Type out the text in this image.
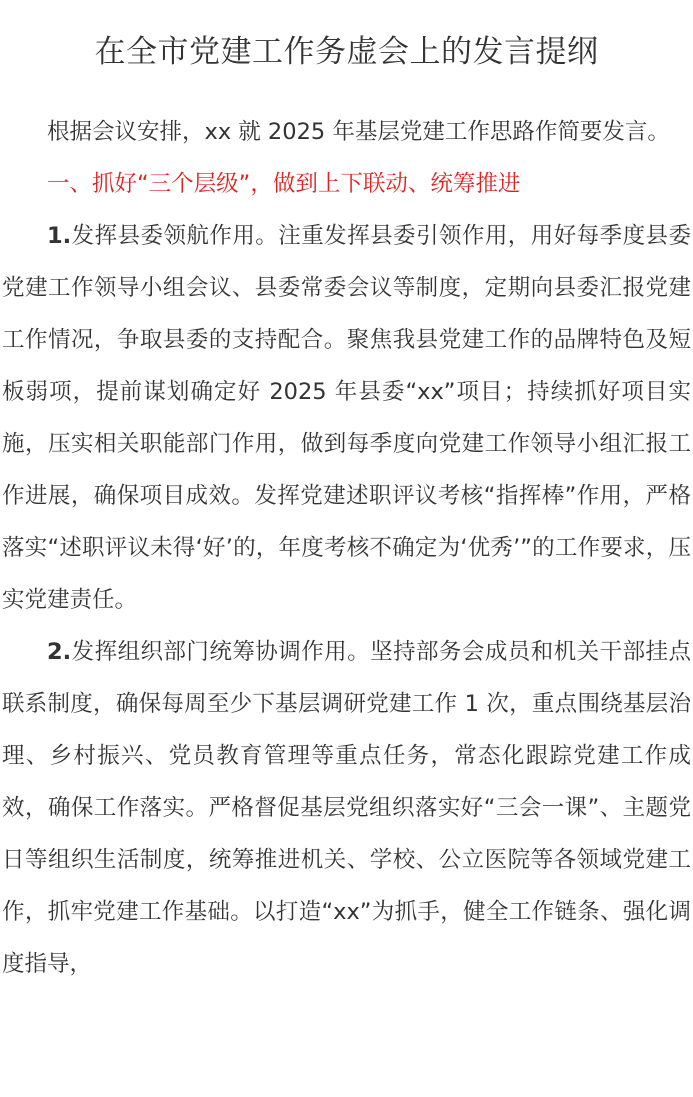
在全市党建工作务虚会上的发言提纲

根据会议安排，xx 就 2025 年基层党建工作思路作简要发言。

一、抓好“三个层级”，做到上下联动、统筹推进

1.发挥县委领航作用。注重发挥县委引领作用，用好每季度县委党建工作领导小组会议、县委常委会议等制度，定期向县委汇报党建工作情况，争取县委的支持配合。聚焦我县党建工作的品牌特色及短板弱项，提前谋划确定好 2025 年县委“xx”项目；持续抓好项目实施，压实相关职能部门作用，做到每季度向党建工作领导小组汇报工作进展，确保项目成效。发挥党建述职评议考核“指挥棒”作用，严格落实“述职评议未得‘好’的，年度考核不确定为‘优秀’”的工作要求，压实党建责任。

2.发挥组织部门统筹协调作用。坚持部务会成员和机关干部挂点联系制度，确保每周至少下基层调研党建工作 1 次，重点围绕基层治理、乡村振兴、党员教育管理等重点任务，常态化跟踪党建工作成效，确保工作落实。严格督促基层党组织落实好“三会一课”、主题党日等组织生活制度，统筹推进机关、学校、公立医院等各领域党建工作，抓牢党建工作基础。以打造“xx”为抓手，健全工作链条、强化调度指导，
